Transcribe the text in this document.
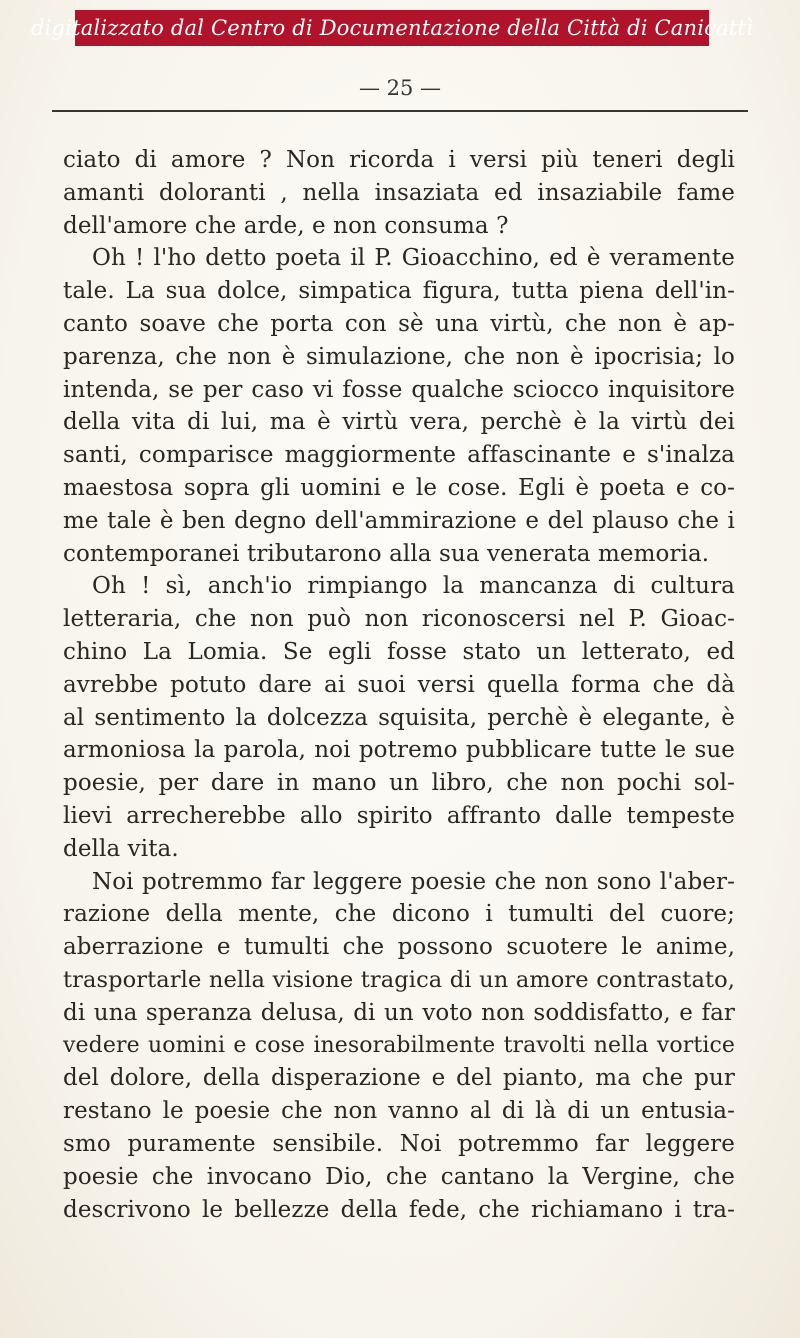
digitalizzato dal Centro di Documentazione della Città di Canicattì
— 25 —
ciato di amore ? Non ricorda i versi più teneri degli
amanti doloranti , nella insaziata ed insaziabile fame
dell'amore che arde, e non consuma ?
Oh ! l'ho detto poeta il P. Gioacchino, ed è veramente
tale. La sua dolce, simpatica figura, tutta piena dell'in-
canto soave che porta con sè una virtù, che non è ap-
parenza, che non è simulazione, che non è ipocrisia; lo
intenda, se per caso vi fosse qualche sciocco inquisitore
della vita di lui, ma è virtù vera, perchè è la virtù dei
santi, comparisce maggiormente affascinante e s'inalza
maestosa sopra gli uomini e le cose. Egli è poeta e co-
me tale è ben degno dell'ammirazione e del plauso che i
contemporanei tributarono alla sua venerata memoria.
Oh ! sì, anch'io rimpiango la mancanza di cultura
letteraria, che non può non riconoscersi nel P. Gioac-
chino La Lomia. Se egli fosse stato un letterato, ed
avrebbe potuto dare ai suoi versi quella forma che dà
al sentimento la dolcezza squisita, perchè è elegante, è
armoniosa la parola, noi potremo pubblicare tutte le sue
poesie, per dare in mano un libro, che non pochi sol-
lievi arrecherebbe allo spirito affranto dalle tempeste
della vita.
Noi potremmo far leggere poesie che non sono l'aber-
razione della mente, che dicono i tumulti del cuore;
aberrazione e tumulti che possono scuotere le anime,
trasportarle nella visione tragica di un amore contrastato,
di una speranza delusa, di un voto non soddisfatto, e far
vedere uomini e cose inesorabilmente travolti nella vortice
del dolore, della disperazione e del pianto, ma che pur
restano le poesie che non vanno al di là di un entusia-
smo puramente sensibile. Noi potremmo far leggere
poesie che invocano Dio, che cantano la Vergine, che
descrivono le bellezze della fede, che richiamano i tra-
